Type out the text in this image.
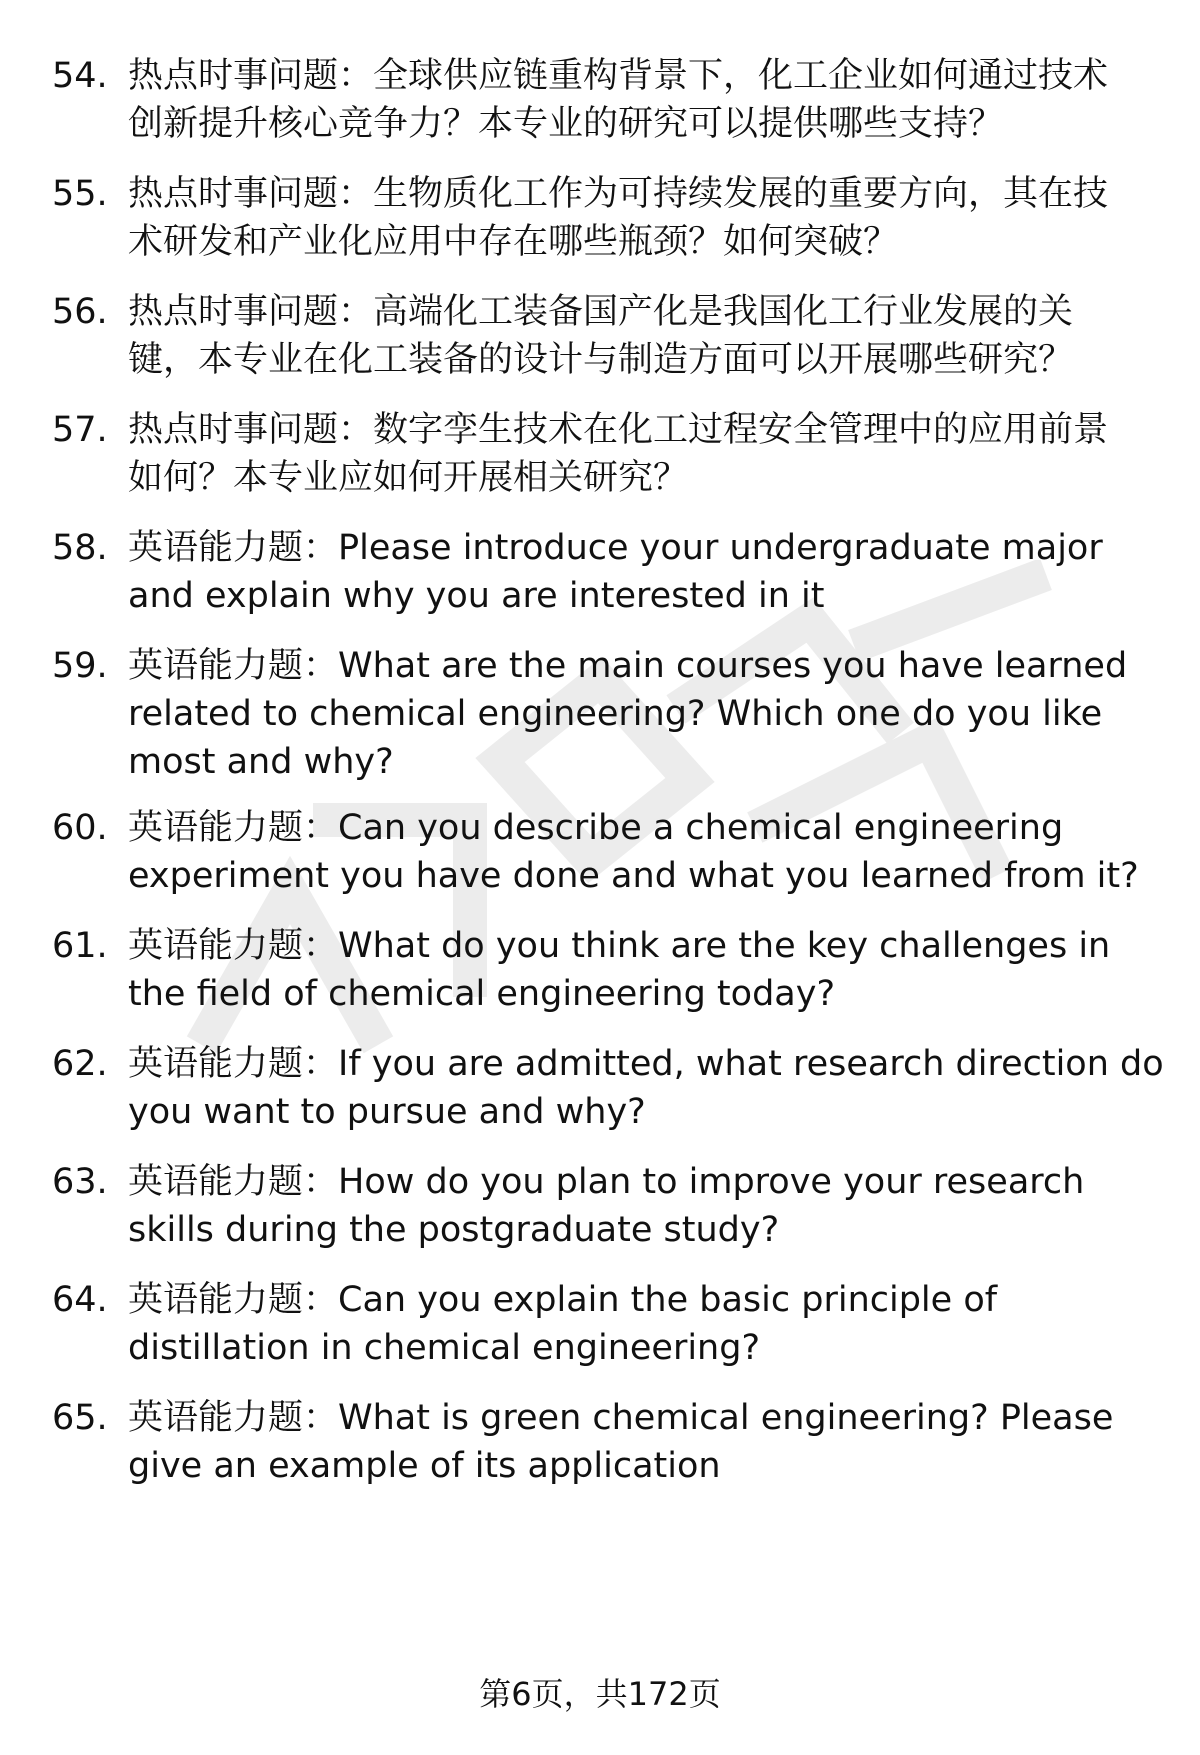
54. 热点时事问题：全球供应链重构背景下，化工企业如何通过技术
创新提升核心竞争力？本专业的研究可以提供哪些支持？
55. 热点时事问题：生物质化工作为可持续发展的重要方向，其在技
术研发和产业化应用中存在哪些瓶颈？如何突破？
56. 热点时事问题：高端化工装备国产化是我国化工行业发展的关
键，本专业在化工装备的设计与制造方面可以开展哪些研究？
57. 热点时事问题：数字孪生技术在化工过程安全管理中的应用前景
如何？本专业应如何开展相关研究？
58. 英语能力题：Please introduce your undergraduate major
and explain why you are interested in it
59. 英语能力题：What are the main courses you have learned
related to chemical engineering? Which one do you like
most and why?
60. 英语能力题：Can you describe a chemical engineering
experiment you have done and what you learned from it?
61. 英语能力题：What do you think are the key challenges in
the field of chemical engineering today?
62. 英语能力题：If you are admitted, what research direction do
you want to pursue and why?
63. 英语能力题：How do you plan to improve your research
skills during the postgraduate study?
64. 英语能力题：Can you explain the basic principle of
distillation in chemical engineering?
65. 英语能力题：What is green chemical engineering? Please
give an example of its application
第6页，共172页
